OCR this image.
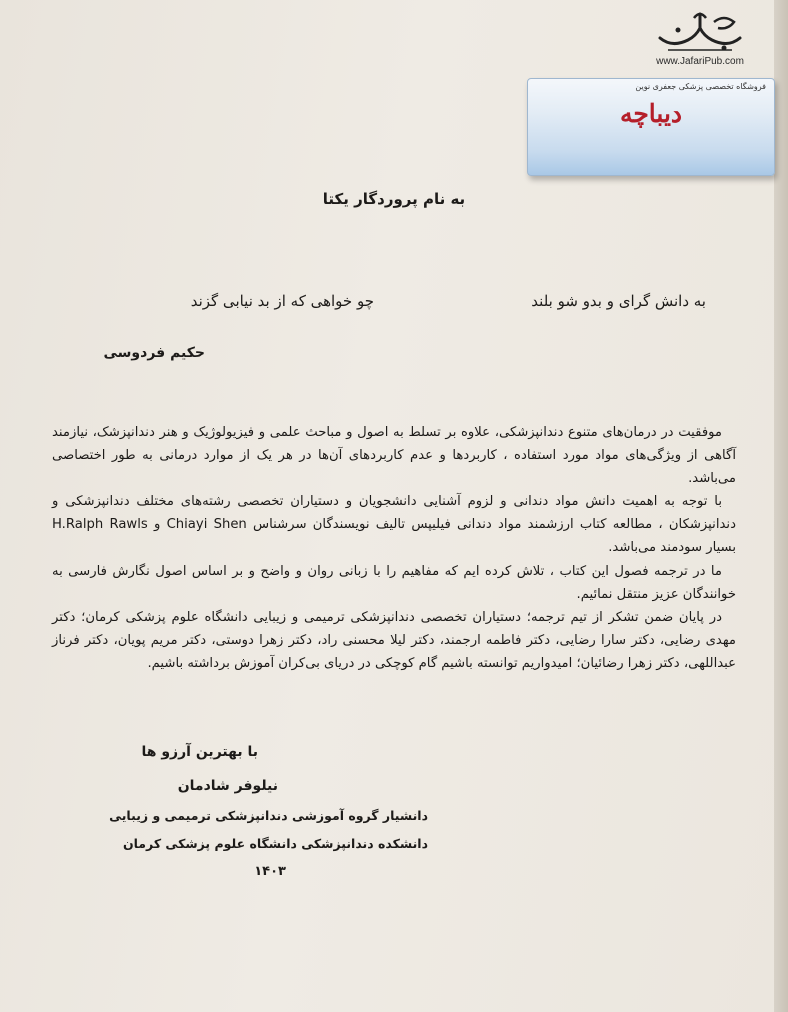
www.JafariPub.com
فروشگاه تخصصی پزشکی جعفری نوین
دیباچه
به نام پروردگار یکتا
به دانش گرای و بدو شو بلند
چو خواهی که از بد نیابی گزند
حکیم فردوسی

موفقیت در درمان‌های متنوع دندانپزشکی، علاوه بر تسلط به اصول و مباحث علمی و فیزیولوژیک و هنر دندانپزشک، نیازمند آگاهی از ویژگی‌های مواد مورد استفاده ، کاربردها و عدم کاربردهای آن‌ها در هر یک از موارد درمانی به طور اختصاصی می‌باشد.

با توجه به اهمیت دانش مواد دندانی و لزوم آشنایی دانشجویان و دستیاران تخصصی رشته‌های مختلف دندانپزشکی و دندانپزشکان ، مطالعه کتاب ارزشمند مواد دندانی فیلیپس تالیف نویسندگان سرشناس Chiayi Shen و H.Ralph Rawls بسیار سودمند می‌باشد.

ما در ترجمه فصول این کتاب ، تلاش کرده ایم که مفاهیم را با زبانی روان و واضح و بر اساس اصول نگارش فارسی به خوانندگان عزیز منتقل نمائیم.

در پایان ضمن تشکر از تیم ترجمه؛ دستیاران تخصصی دندانپزشکی ترمیمی و زیبایی دانشگاه علوم پزشکی کرمان؛ دکتر مهدی رضایی، دکتر سارا رضایی، دکتر فاطمه ارجمند، دکتر لیلا محسنی راد، دکتر زهرا دوستی، دکتر مریم پویان، دکتر فرناز عبداللهی، دکتر زهرا رضائیان؛ امیدواریم توانسته باشیم گام کوچکی در دریای بی‌کران آموزش برداشته باشیم.

با بهترین آرزو ها
نیلوفر شادمان
دانشیار گروه آموزشی دندانپزشکی ترمیمی و زیبایی
دانشکده دندانپزشکی دانشگاه علوم پزشکی کرمان
۱۴۰۳
